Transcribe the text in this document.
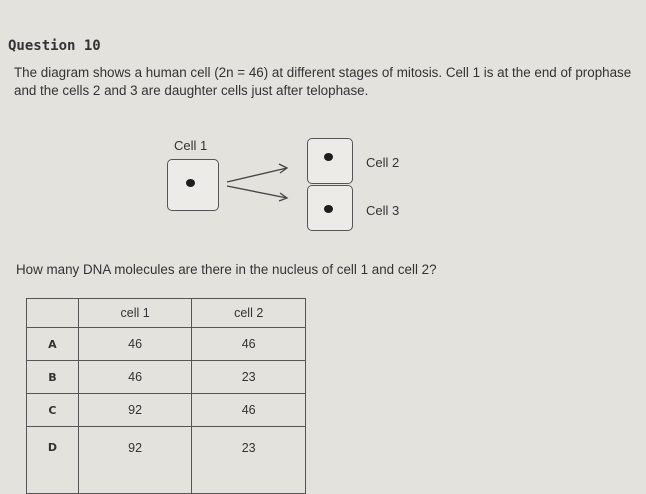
Question 10
The diagram shows a human cell (2n = 46) at different stages of mitosis. Cell 1 is at the end of prophase and the cells 2 and 3 are daughter cells just after telophase.
Cell 1
Cell 2
Cell 3
How many DNA molecules are there in the nucleus of cell 1 and cell 2?
	cell 1	cell 2
A	46	46
B	46	23
C	92	46
D	92	23
